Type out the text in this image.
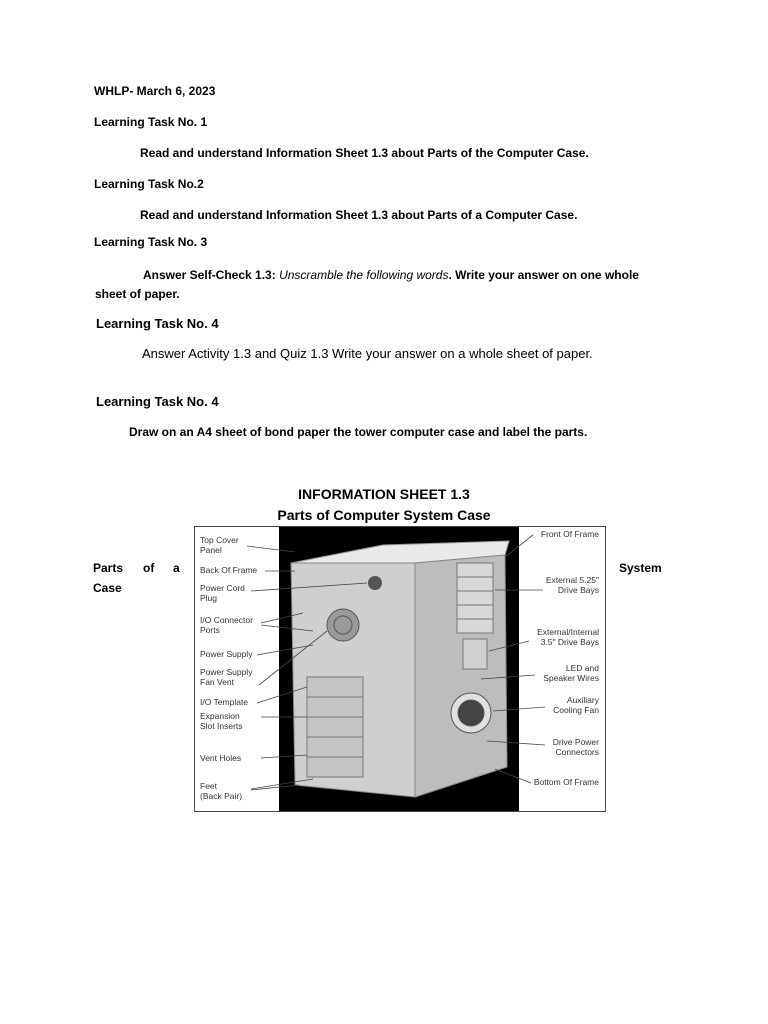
WHLP- March 6, 2023
Learning Task No. 1
Read and understand Information Sheet 1.3 about Parts of the Computer Case.
Learning Task No.2
Read and understand Information Sheet 1.3 about Parts of a Computer Case.
Learning Task No. 3
Answer Self-Check 1.3: Unscramble the following words. Write your answer on one whole
sheet of paper.
Learning Task No. 4
Answer Activity 1.3 and Quiz 1.3 Write your answer on a whole sheet of paper.
Learning Task No. 4
Draw on an A4 sheet of bond paper the tower computer case and label the parts.
INFORMATION SHEET 1.3
Parts of Computer System Case
Parts of a	System
Case
Top Cover
Panel
Back Of Frame
Power Cord
Plug
I/O Connector
Ports
Power Supply
Power Supply
Fan Vent
I/O Template
Expansion
Slot Inserts
Vent Holes
Feet
(Back Pair)
Front Of Frame
External 5.25"
Drive Bays
External/Internal
3.5" Drive Bays
LED and
Speaker Wires
Auxiliary
Cooling Fan
Drive Power
Connectors
Bottom Of Frame
